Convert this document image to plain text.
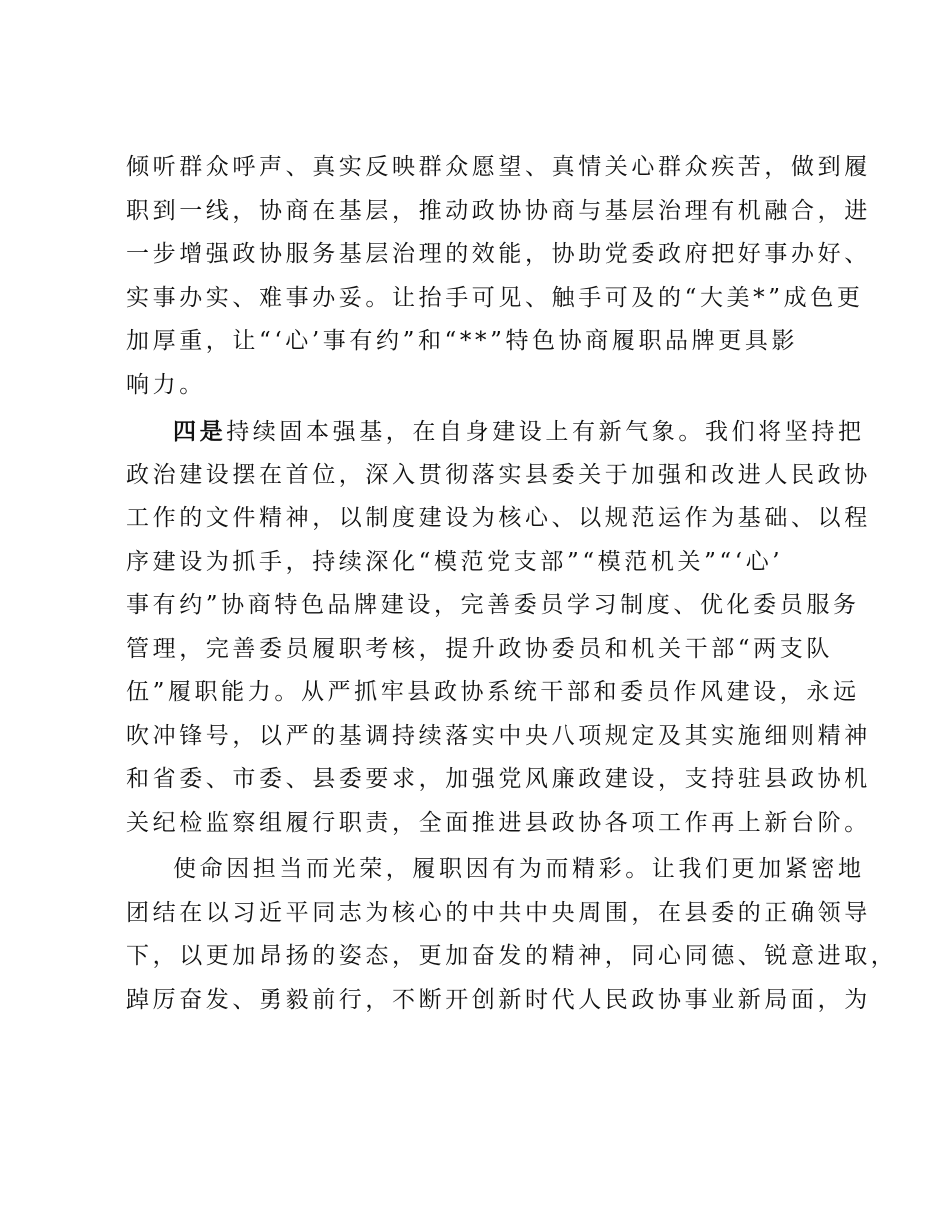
倾听群众呼声、真实反映群众愿望、真情关心群众疾苦，做到履
职到一线，协商在基层，推动政协协商与基层治理有机融合，进
一步增强政协服务基层治理的效能，协助党委政府把好事办好、
实事办实、难事办妥。让抬手可见、触手可及的“大美*”成色更
加厚重，让“‘心’事有约”和“**”特色协商履职品牌更具影
响力。
四是持续固本强基，在自身建设上有新气象。我们将坚持把
政治建设摆在首位，深入贯彻落实县委关于加强和改进人民政协
工作的文件精神，以制度建设为核心、以规范运作为基础、以程
序建设为抓手，持续深化“模范党支部”“模范机关”“‘心’
事有约”协商特色品牌建设，完善委员学习制度、优化委员服务
管理，完善委员履职考核，提升政协委员和机关干部“两支队
伍”履职能力。从严抓牢县政协系统干部和委员作风建设，永远
吹冲锋号，以严的基调持续落实中央八项规定及其实施细则精神
和省委、市委、县委要求，加强党风廉政建设，支持驻县政协机
关纪检监察组履行职责，全面推进县政协各项工作再上新台阶。
使命因担当而光荣，履职因有为而精彩。让我们更加紧密地
团结在以习近平同志为核心的中共中央周围，在县委的正确领导
下，以更加昂扬的姿态，更加奋发的精神，同心同德、锐意进取，
踔厉奋发、勇毅前行，不断开创新时代人民政协事业新局面，为
